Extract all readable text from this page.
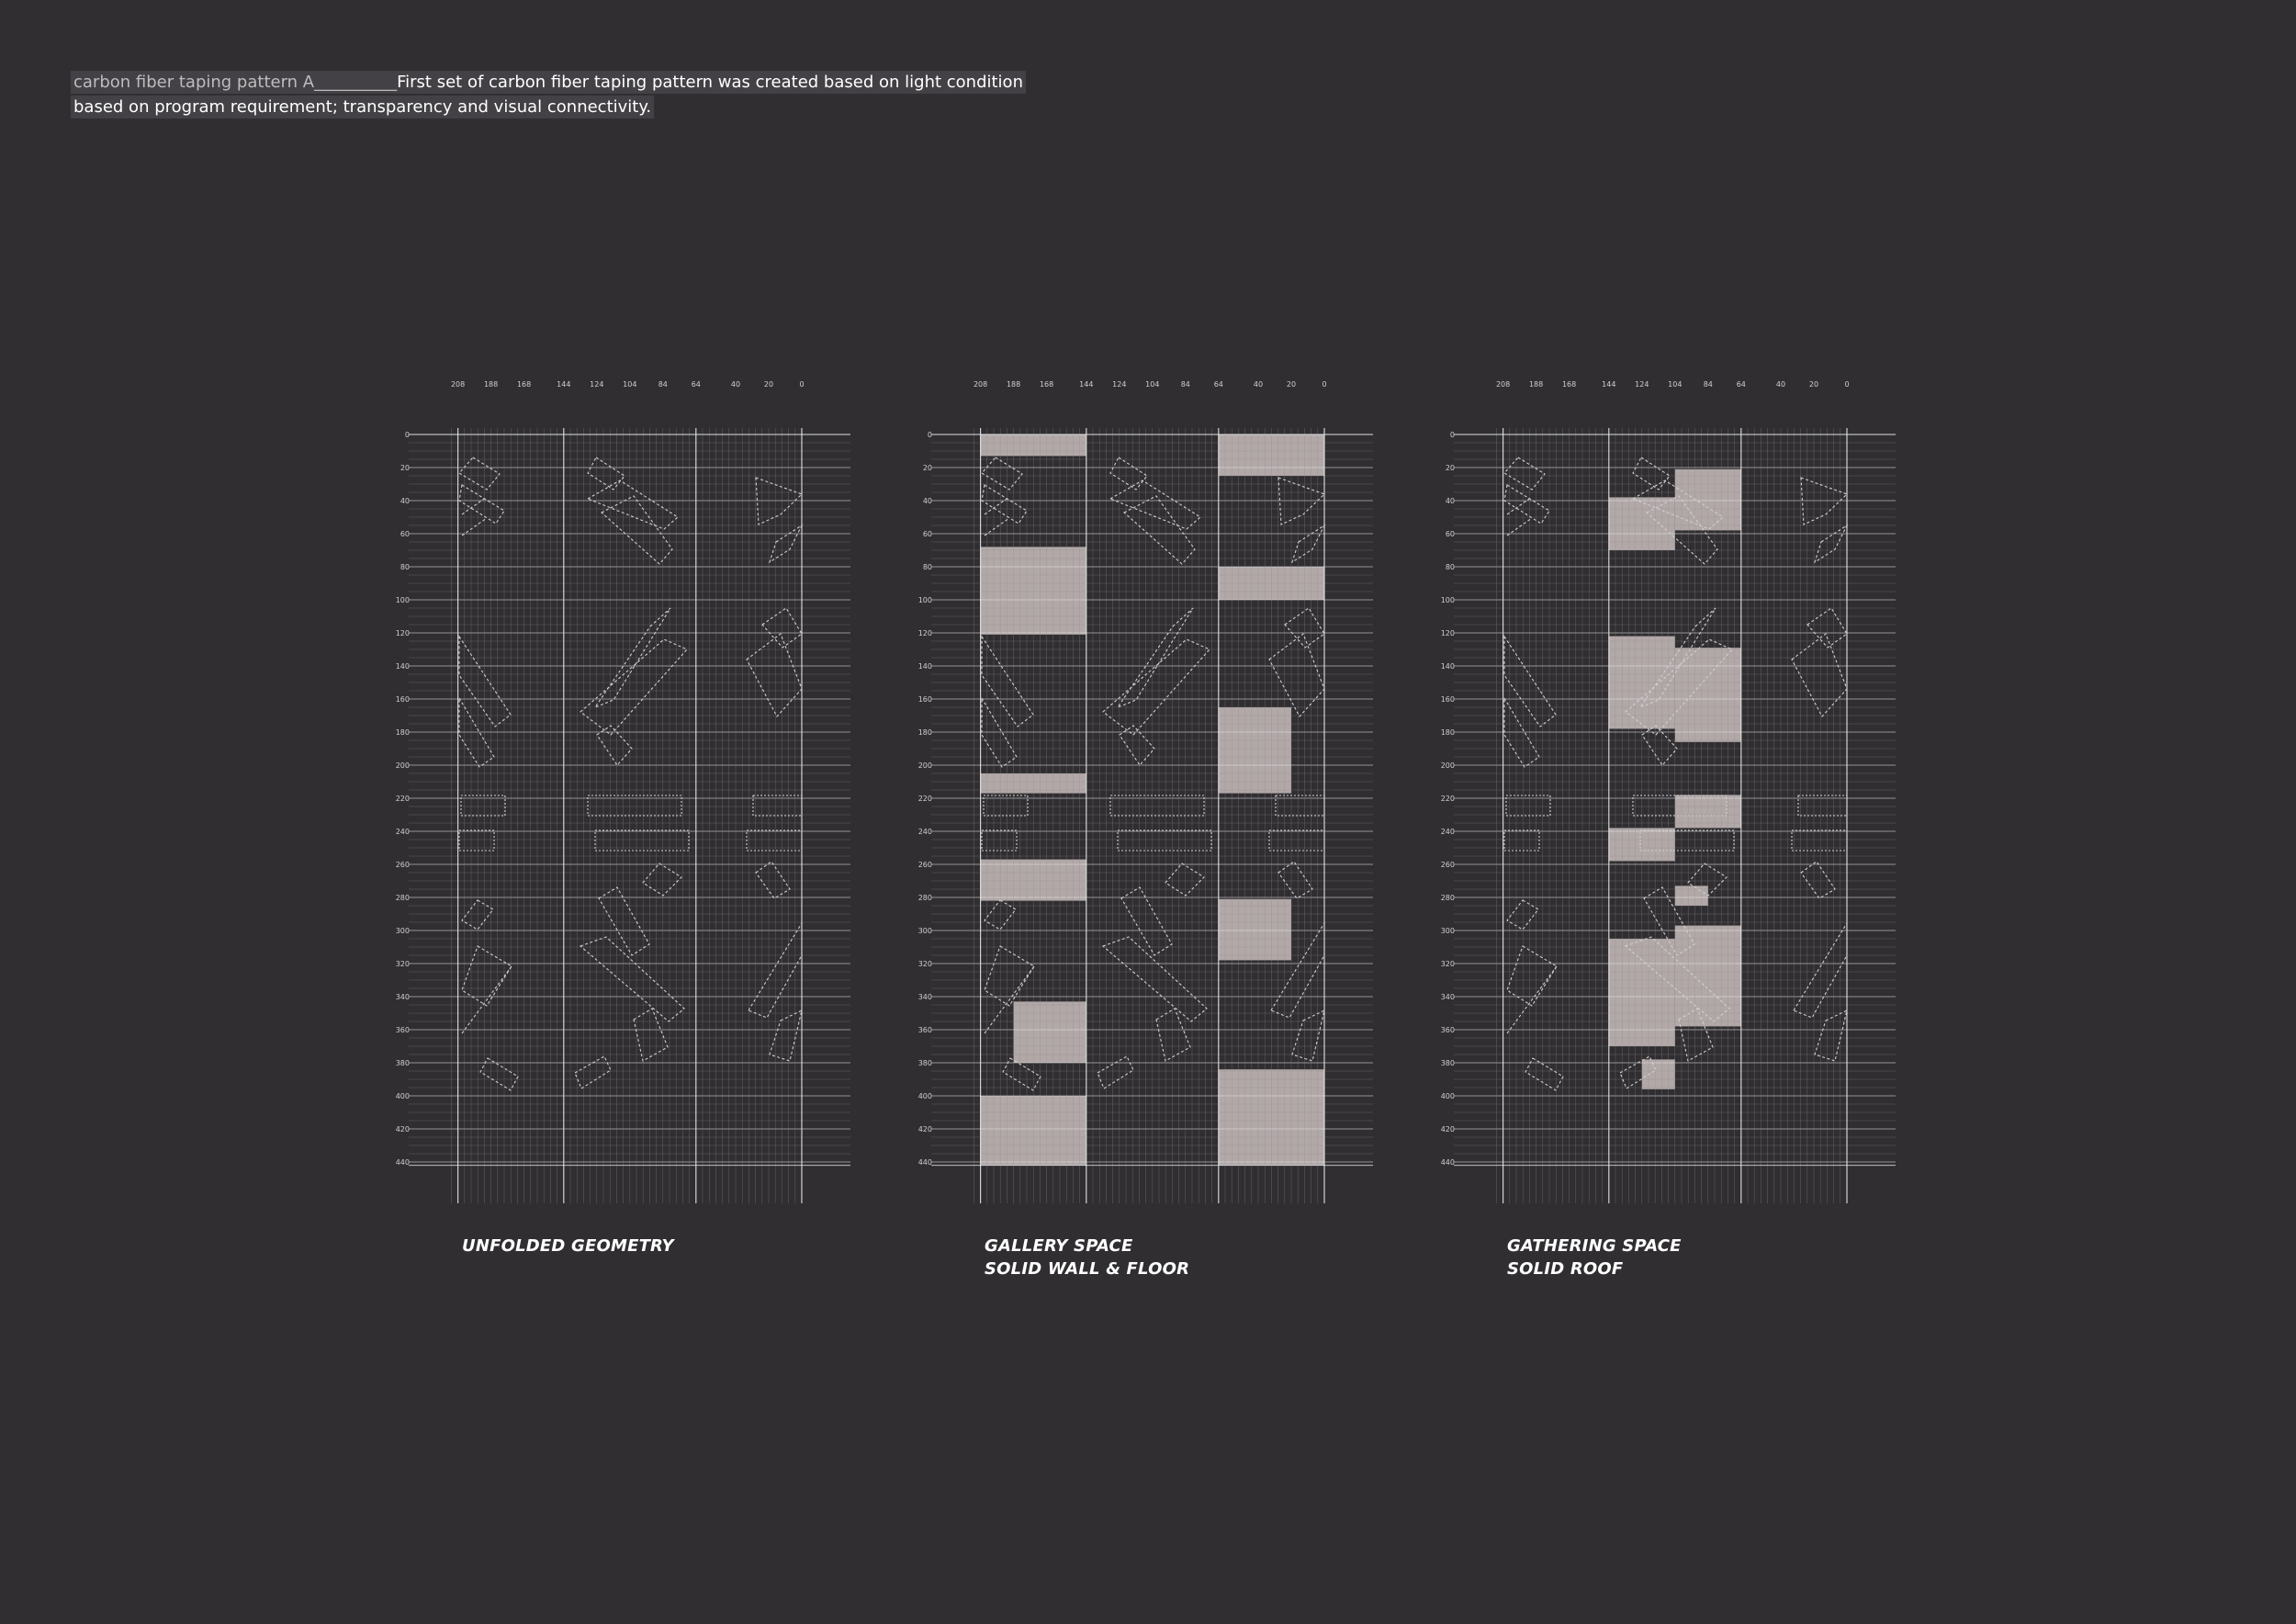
carbon fiber taping pattern A__________First set of carbon fiber taping pattern was created based on light condition based on program requirement; transparency and visual connectivity.
208	188	168	144	124	104	84	64	40	20	0
0
20
40
60
80
100
120
140
160
180
200
220
240
260
280
300
320
340
360
380
400
420
440
208	188	168	144	124	104	84	64	40	20	0
0
20
40
60
80
100
120
140
160
180
200
220
240
260
280
300
320
340
360
380
400
420
440
208	188	168	144	124	104	84	64	40	20	0
0
20
40
60
80
100
120
140
160
180
200
220
240
260
280
300
320
340
360
380
400
420
440
UNFOLDED GEOMETRY	GALLERY SPACE
SOLID WALL & FLOOR
GATHERING SPACE
SOLID ROOF
